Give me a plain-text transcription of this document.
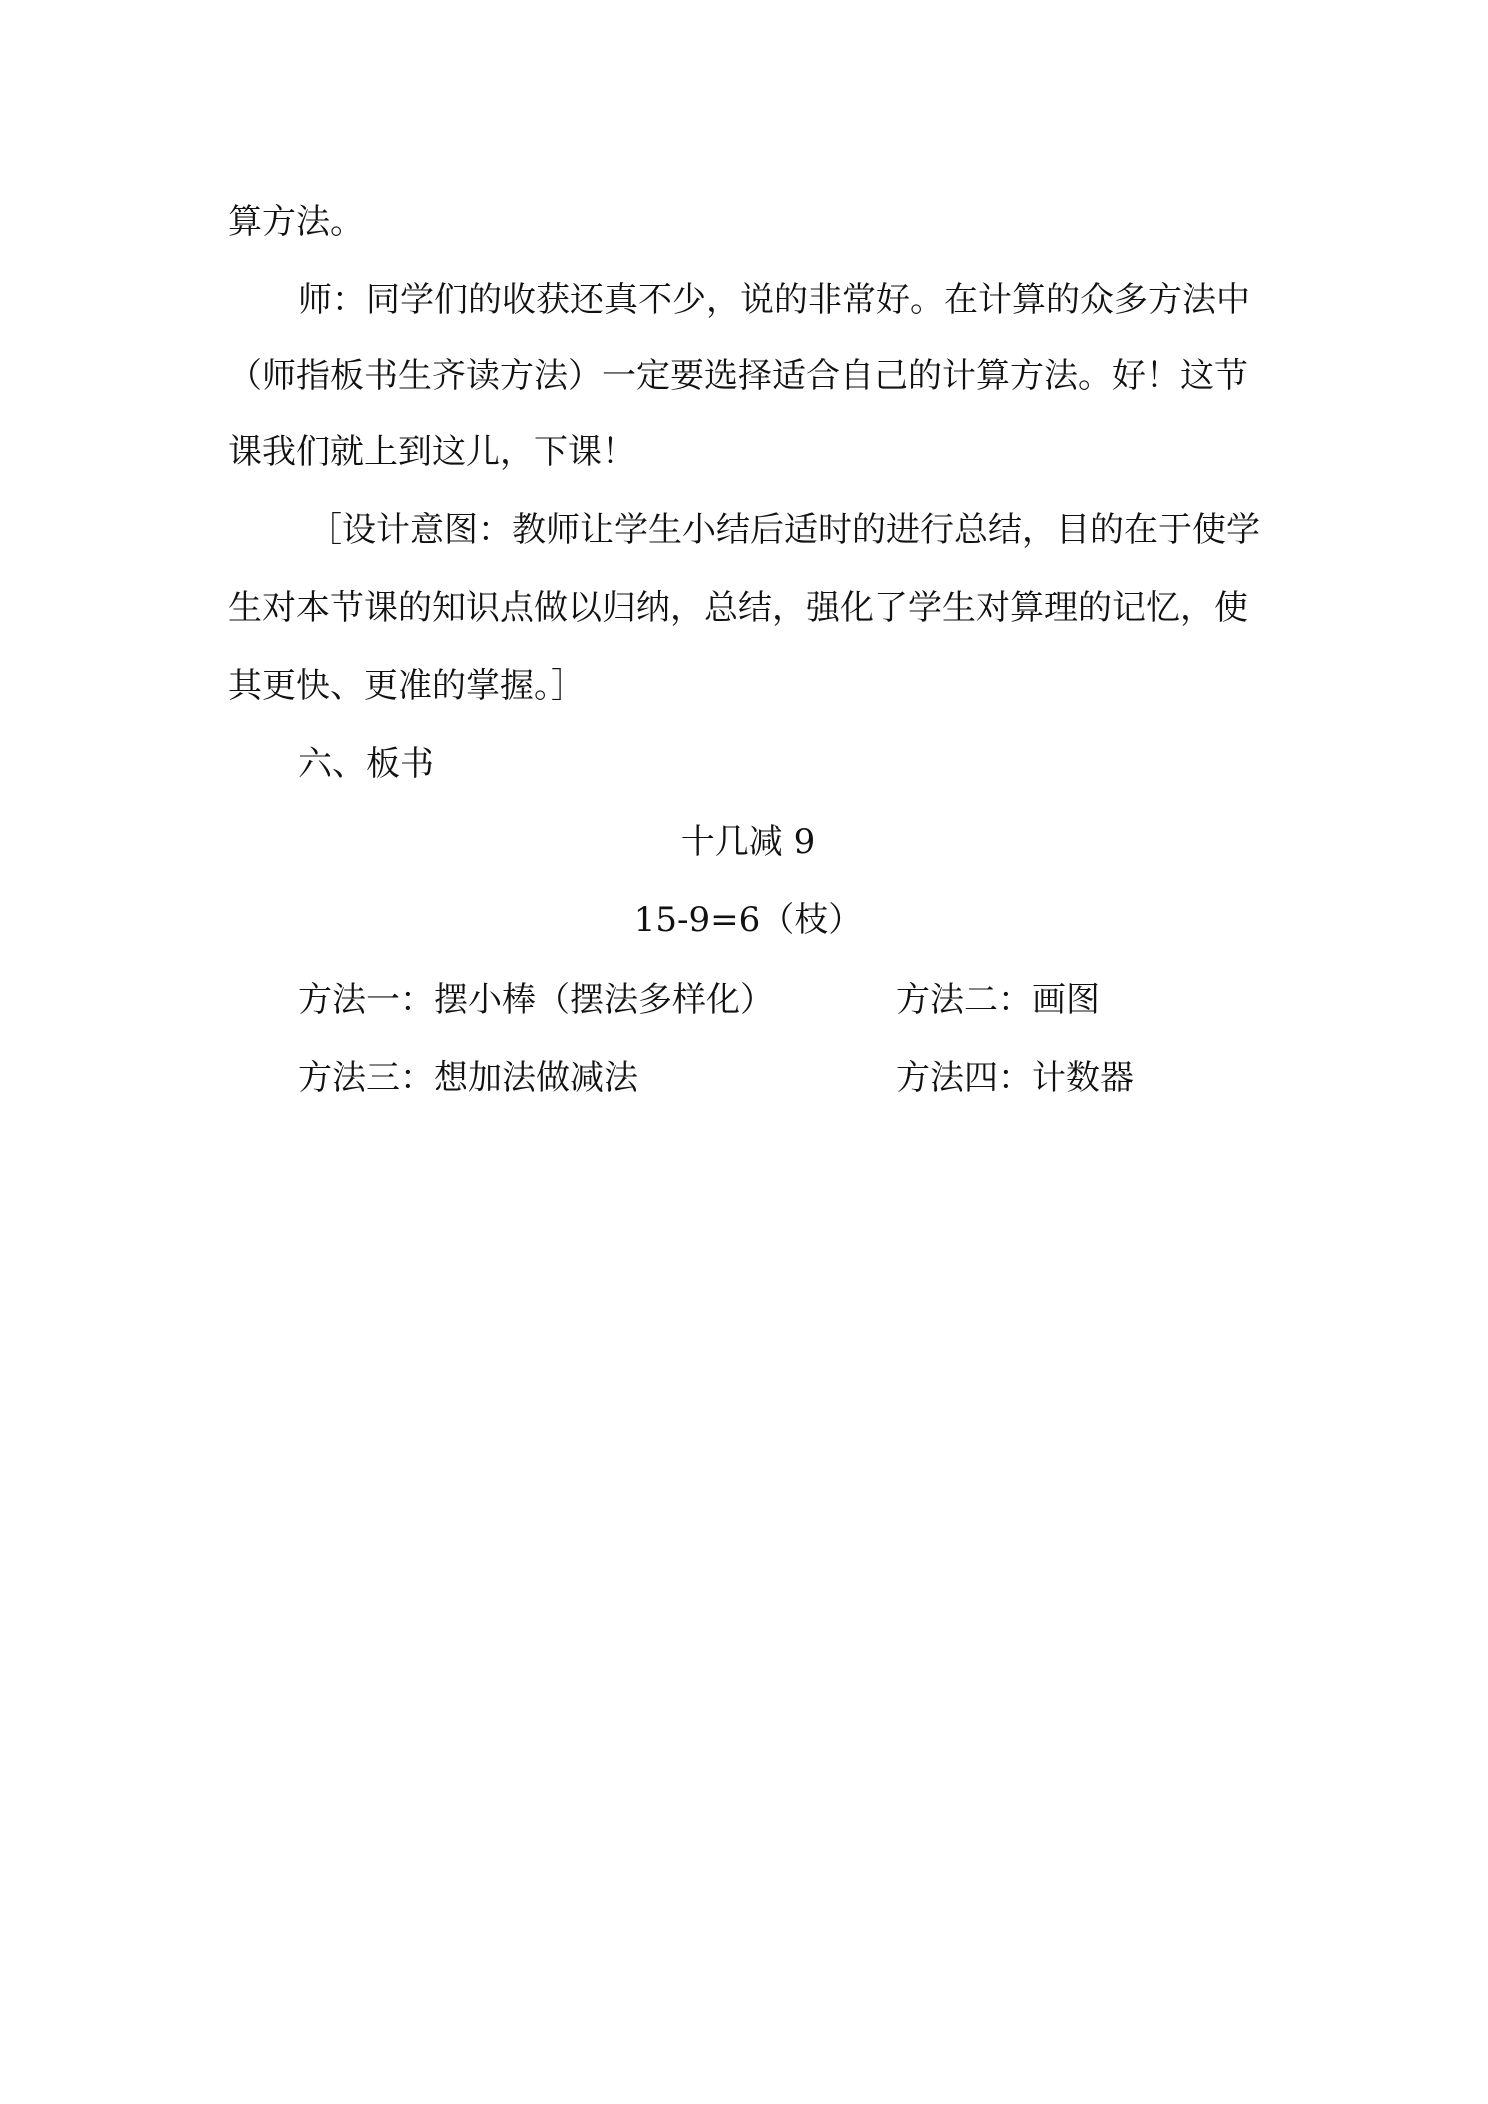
算方法。
师：同学们的收获还真不少，说的非常好。在计算的众多方法中
（师指板书生齐读方法）一定要选择适合自己的计算方法。好！这节
课我们就上到这儿，下课！
［设计意图：教师让学生小结后适时的进行总结，目的在于使学
生对本节课的知识点做以归纳，总结，强化了学生对算理的记忆，使
其更快、更准的掌握。］
六、板书
十几减 9
15-9=6（枝）
方法一：摆小棒（摆法多样化）	方法二：画图
方法三：想加法做减法	方法四：计数器
